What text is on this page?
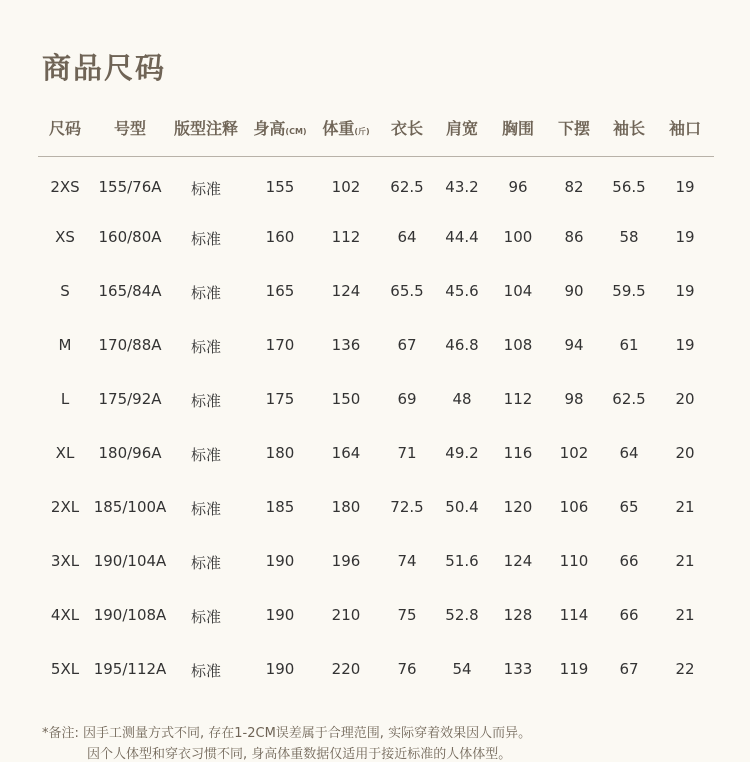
商品尺码
尺码 号型 版型注释 身高(CM) 体重(斤) 衣长 肩宽 胸围 下摆 袖长 袖口
2XS 155/76A 标准	155 102 62.5 43.2 96 82 56.5 19
XS 160/80A 标准	160 112 64 44.4 100 86 58 19
S 165/84A 标准	165 124 65.5 45.6 104 90 59.5 19
M 170/88A 标准	170 136 67 46.8 108 94 61 19
L 175/92A 标准	175 150 69 48 112 98 62.5 20
XL 180/96A 标准	180 164 71 49.2 116 102 64 20
2XL 185/100A 标准	185 180 72.5 50.4 120 106 65 21
3XL 190/104A 标准	190 196 74 51.6 124 110 66 21
4XL 190/108A 标准	190 210 75 52.8 128 114 66 21
5XL 195/112A 标准	190 220 76 54 133 119 67 22
*备注: 因手工测量方式不同, 存在1-2CM误差属于合理范围, 实际穿着效果因人而异。
因个人体型和穿衣习惯不同, 身高体重数据仅适用于接近标准的人体体型。
